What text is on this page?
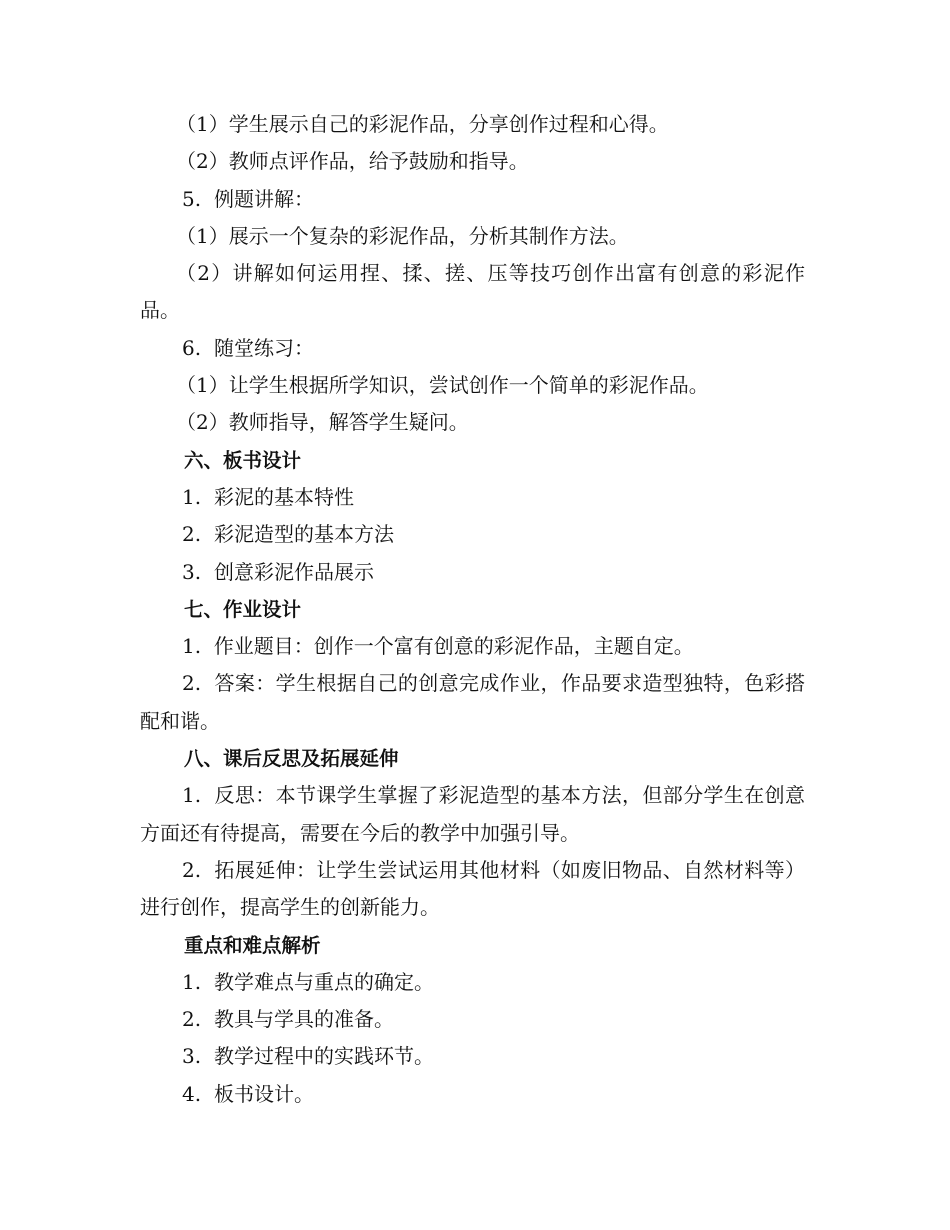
（1）学生展示自己的彩泥作品，分享创作过程和心得。
（2）教师点评作品，给予鼓励和指导。
5. 例题讲解：
（1）展示一个复杂的彩泥作品，分析其制作方法。
（2）讲解如何运用捏、揉、搓、压等技巧创作出富有创意的彩泥作品。
6. 随堂练习：
（1）让学生根据所学知识，尝试创作一个简单的彩泥作品。
（2）教师指导，解答学生疑问。
六、板书设计
1. 彩泥的基本特性
2. 彩泥造型的基本方法
3. 创意彩泥作品展示
七、作业设计
1.  作业题目：创作一个富有创意的彩泥作品，主题自定。
2.  答案：学生根据自己的创意完成作业，作品要求造型独特，色彩搭配和谐。
八、课后反思及拓展延伸
1.  反思：本节课学生掌握了彩泥造型的基本方法，但部分学生在创意方面还有待提高，需要在今后的教学中加强引导。
2.  拓展延伸：让学生尝试运用其他材料（如废旧物品、自然材料等）进行创作，提高学生的创新能力。
重点和难点解析
1. 教学难点与重点的确定。
2. 教具与学具的准备。
3. 教学过程中的实践环节。
4. 板书设计。
